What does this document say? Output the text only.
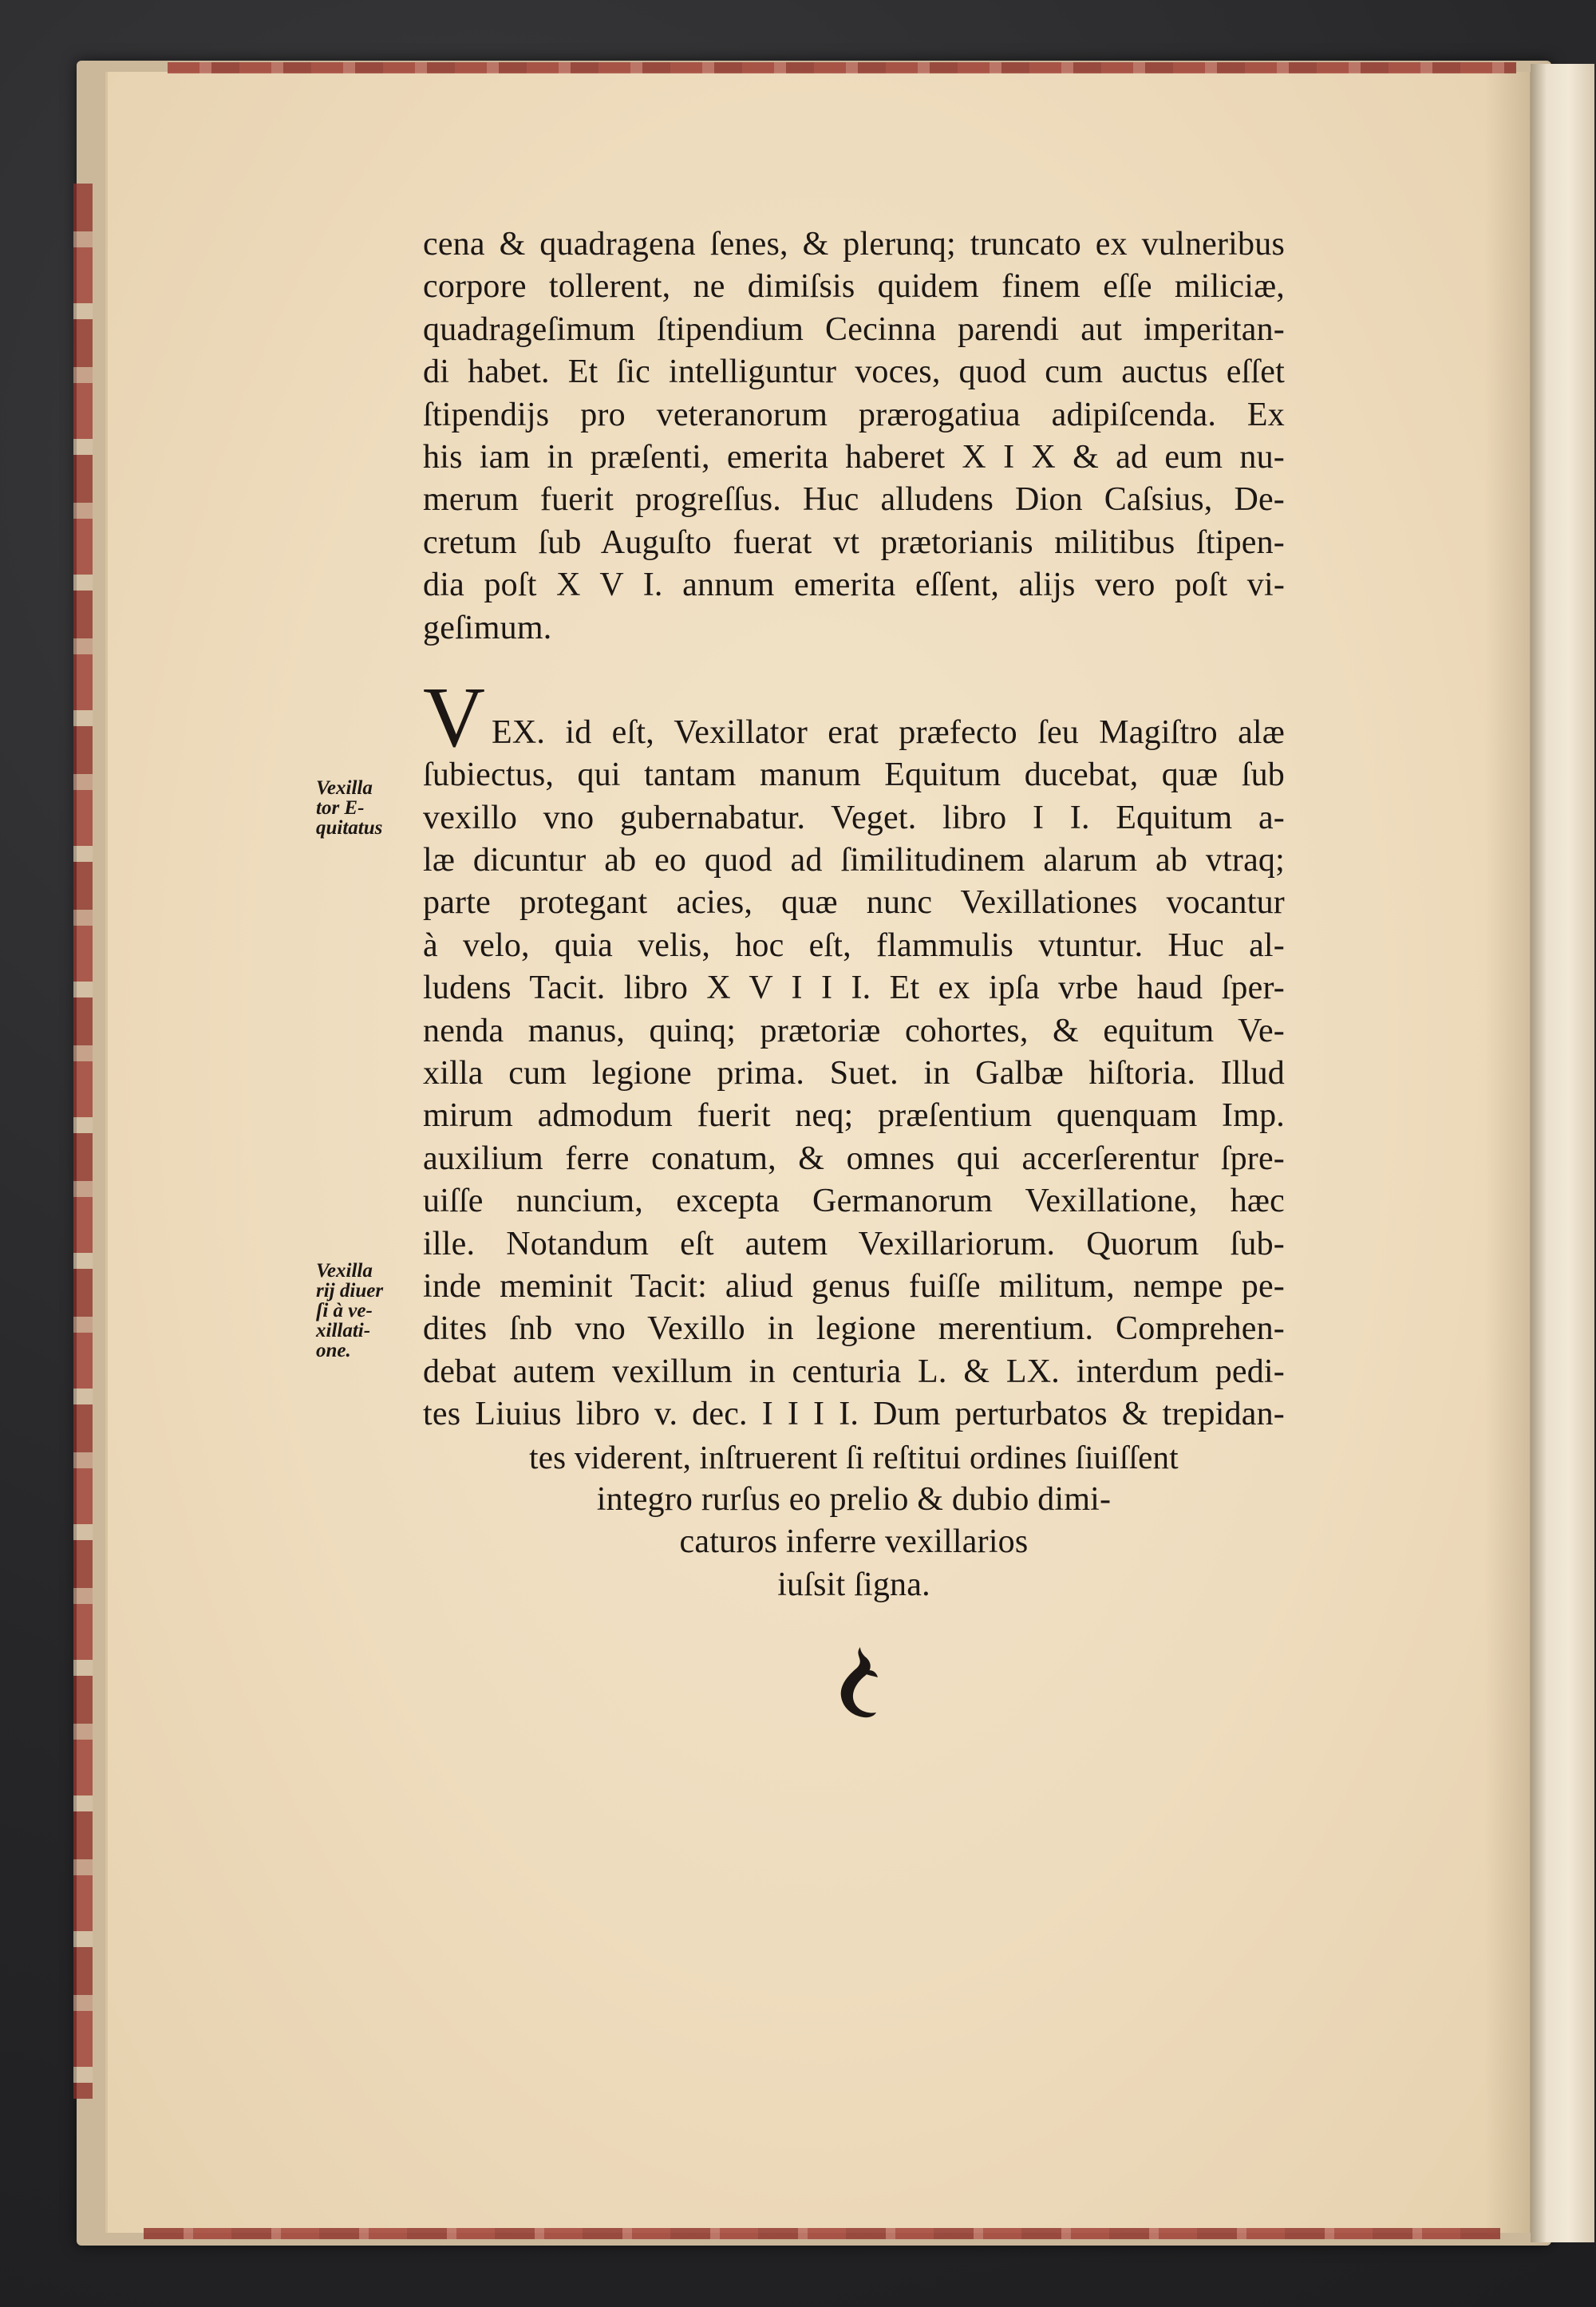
cena & quadragena ſenes, & plerunq; truncato ex vulneribus
corpore tollerent, ne dimiſsis quidem finem eſſe miliciæ,
quadrageſimum ſtipendium Cecinna parendi aut imperitan-
di habet. Et ſic intelliguntur voces, quod cum auctus eſſet
ſtipendijs pro veteranorum prærogatiua adipiſcenda. Ex
his iam in præſenti, emerita haberet X I X & ad eum nu-
merum fuerit progreſſus. Huc alludens Dion Caſsius, De-
cretum ſub Auguſto fuerat vt prætorianis militibus ſtipen-
dia poſt X V I. annum emerita eſſent, alijs vero poſt vi-
geſimum.
V EX. id eſt, Vexillator erat præfecto ſeu Magiſtro alæ
ſubiectus, qui tantam manum Equitum ducebat, quæ ſub
vexillo vno gubernabatur. Veget. libro I I. Equitum a-
læ dicuntur ab eo quod ad ſimilitudinem alarum ab vtraq;
parte protegant acies, quæ nunc Vexillationes vocantur
à velo, quia velis, hoc eſt, flammulis vtuntur. Huc al-
ludens Tacit. libro X V I I I. Et ex ipſa vrbe haud ſper-
nenda manus, quinq; prætoriæ cohortes, & equitum Ve-
xilla cum legione prima. Suet. in Galbæ hiſtoria. Illud
mirum admodum fuerit neq; præſentium quenquam Imp.
auxilium ferre conatum, & omnes qui accerſerentur ſpre-
uiſſe nuncium, excepta Germanorum Vexillatione, hæc
ille. Notandum eſt autem Vexillariorum. Quorum ſub-
inde meminit Tacit: aliud genus fuiſſe militum, nempe pe-
dites ſnb vno Vexillo in legione merentium. Comprehen-
debat autem vexillum in centuria L. & LX. interdum pedi-
tes Liuius libro v. dec. I I I I. Dum perturbatos & trepidan-
tes viderent, inſtruerent ſi reſtitui ordines ſiuiſſent
integro rurſus eo prelio & dubio dimi-
caturos inferre vexillarios
iuſsit ſigna.
Vexilla
tor E-
quitatus
Vexilla
rij diuer
ſi à ve-
xillati-
one.
